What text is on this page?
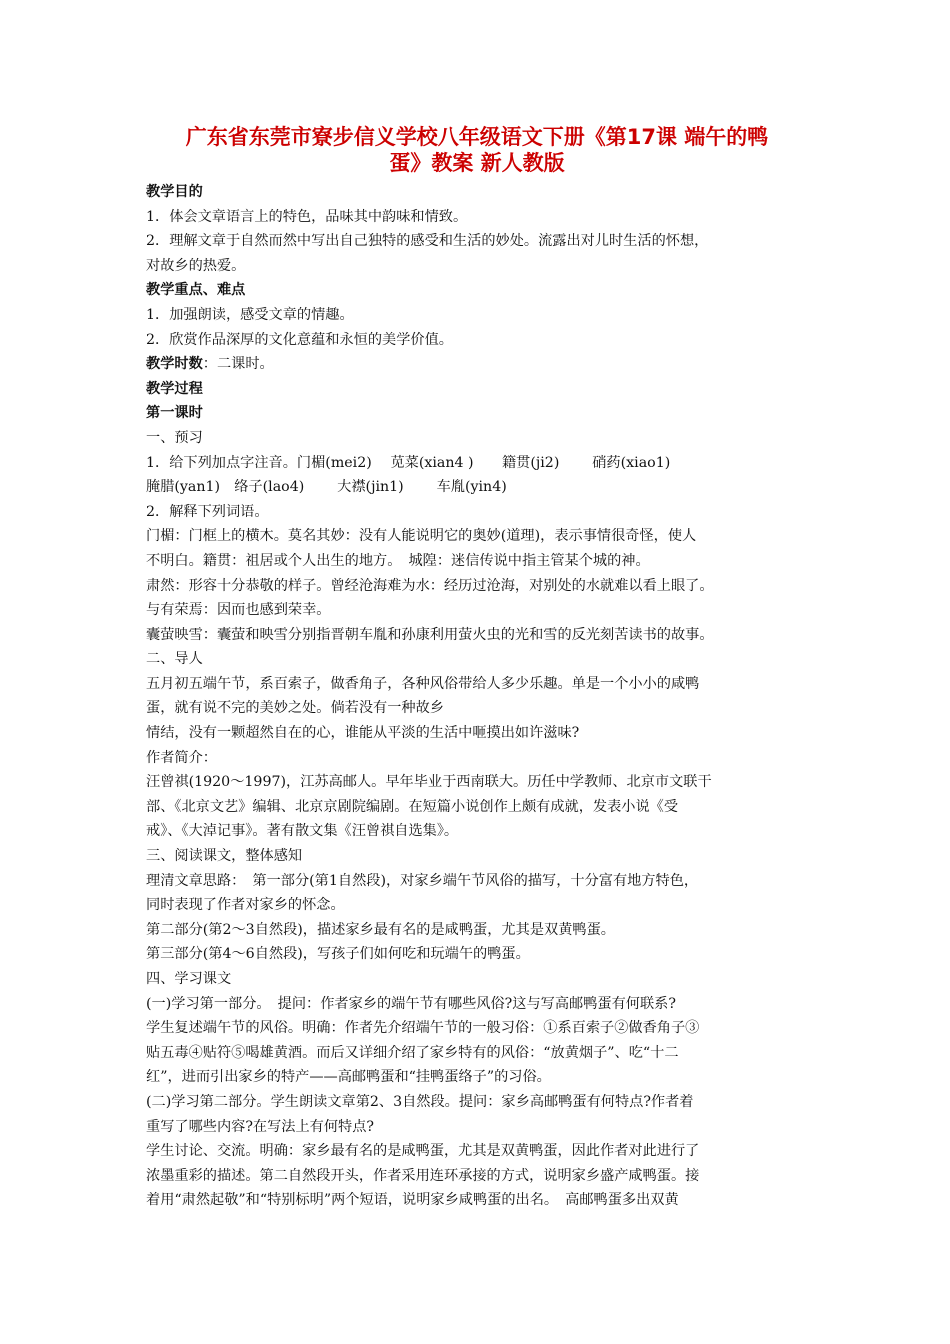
广东省东莞市寮步信义学校八年级语文下册《第17课 端午的鸭
蛋》教案 新人教版
教学目的
1．体会文章语言上的特色，品味其中韵味和情致。
2．理解文章于自然而然中写出自己独特的感受和生活的妙处。流露出对儿时生活的怀想，
对故乡的热爱。
教学重点、难点
1．加强朗读，感受文章的情趣。
2．欣赏作品深厚的文化意蕴和永恒的美学价值。
教学时数：二课时。
教学过程
第一课时
一、预习
1．给下列加点字注音。门楣(mei2)　 苋菜(xian4 )　　籍贯(ji2)　　 硝药(xiao1)
腌腊(yan1)　络子(lao4)　　 大襟(jin1)　　 车胤(yin4)
2．解释下列词语。
门楣：门框上的横木。莫名其妙：没有人能说明它的奥妙(道理)，表示事情很奇怪，使人
不明白。籍贯：祖居或个人出生的地方。　城隍：迷信传说中指主管某个城的神。
肃然：形容十分恭敬的样子。曾经沧海难为水：经历过沧海，对别处的水就难以看上眼了。
与有荣焉：因而也感到荣幸。
囊萤映雪：囊萤和映雪分别指晋朝车胤和孙康利用萤火虫的光和雪的反光刻苦读书的故事。
二、导人
五月初五端午节，系百索子，做香角子，各种风俗带给人多少乐趣。单是一个小小的咸鸭
蛋，就有说不完的美妙之处。倘若没有一种故乡
情结，没有一颗超然自在的心，谁能从平淡的生活中咂摸出如许滋味?
作者简介：
汪曾祺(1920～1997)，江苏高邮人。早年毕业于西南联大。历任中学教师、北京市文联干
部、《北京文艺》编辑、北京京剧院编剧。在短篇小说创作上颇有成就，发表小说《受
戒》、《大淖记事》。著有散文集《汪曾祺自选集》。
三、阅读课文，整体感知
理清文章思路：　第一部分(第1自然段)，对家乡端午节风俗的描写，十分富有地方特色，
同时表现了作者对家乡的怀念。
第二部分(第2～3自然段)，描述家乡最有名的是咸鸭蛋，尤其是双黄鸭蛋。
第三部分(第4～6自然段)，写孩子们如何吃和玩端午的鸭蛋。
四、学习课文
(一)学习第一部分。　提问：作者家乡的端午节有哪些风俗?这与写高邮鸭蛋有何联系?
学生复述端午节的风俗。明确：作者先介绍端午节的一般习俗：①系百索子②做香角子③
贴五毒④贴符⑤喝雄黄酒。而后又详细介绍了家乡特有的风俗：“放黄烟子”、吃“十二
红”，进而引出家乡的特产——高邮鸭蛋和“挂鸭蛋络子”的习俗。
(二)学习第二部分。学生朗读文章第2、3自然段。提问：家乡高邮鸭蛋有何特点?作者着
重写了哪些内容?在写法上有何特点?
学生讨论、交流。明确：家乡最有名的是咸鸭蛋，尤其是双黄鸭蛋，因此作者对此进行了
浓墨重彩的描述。第二自然段开头，作者采用连环承接的方式，说明家乡盛产咸鸭蛋。接
着用“肃然起敬”和“特别标明”两个短语，说明家乡咸鸭蛋的出名。　高邮鸭蛋多出双黄
